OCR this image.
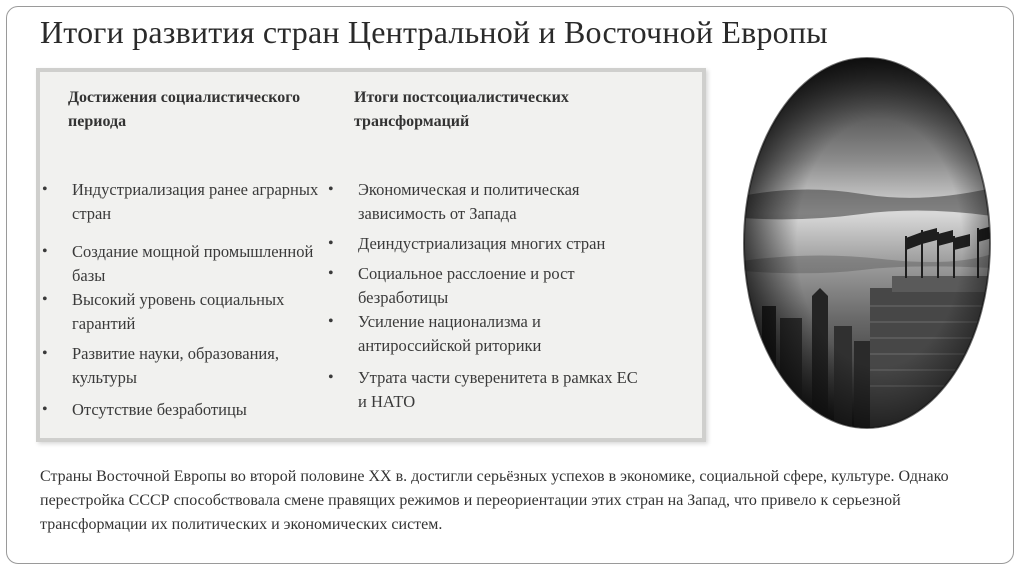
Итоги развития стран Центральной и Восточной Европы
Достижения социалистического периода
• Индустриализация ранее аграрных стран
• Создание мощной промышленной базы
• Высокий уровень социальных гарантий
• Развитие науки, образования, культуры
• Отсутствие безработицы
Итоги постсоциалистических трансформаций
• Экономическая и политическая зависимость от Запада
• Деиндустриализация многих стран
• Социальное расслоение и рост безработицы
• Усиление национализма и антироссийской риторики
• Утрата части суверенитета в рамках ЕС и НАТО

Страны Восточной Европы во второй половине XX в. достигли серьёзных успехов в экономике, социальной сфере, культуре. Однако перестройка СССР способствовала смене правящих режимов и переориентации этих стран на Запад, что привело к серьезной трансформации их политических и экономических систем.
